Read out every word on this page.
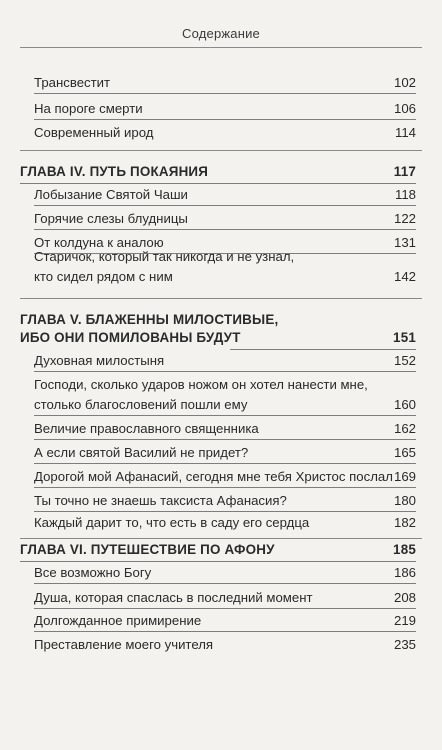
Содержание
Трансвестит	102
На пороге смерти	106
Современный ирод	114
ГЛАВА IV. ПУТЬ ПОКАЯНИЯ	117
Лобызание Святой Чаши	118
Горячие слезы блудницы	122
От колдуна к аналою	131
Старичок, который так никогда и не узнал,
кто сидел рядом с ним	142
ГЛАВА V. БЛАЖЕННЫ МИЛОСТИВЫЕ,
ИБО ОНИ ПОМИЛОВАНЫ БУДУТ	151
Духовная милостыня	152
Господи, сколько ударов ножом он хотел нанести мне,
столько благословений пошли ему	160
Величие православного священника	162
А если святой Василий не придет?	165
Дорогой мой Афанасий, сегодня мне тебя Христос послал 169
Ты точно не знаешь таксиста Афанасия?	180
Каждый дарит то, что есть в саду его сердца	182
ГЛАВА VI. ПУТЕШЕСТВИЕ ПО АФОНУ	185
Все возможно Богу	186
Душа, которая спаслась в последний момент	208
Долгожданное примирение	219
Преставление моего учителя	235
